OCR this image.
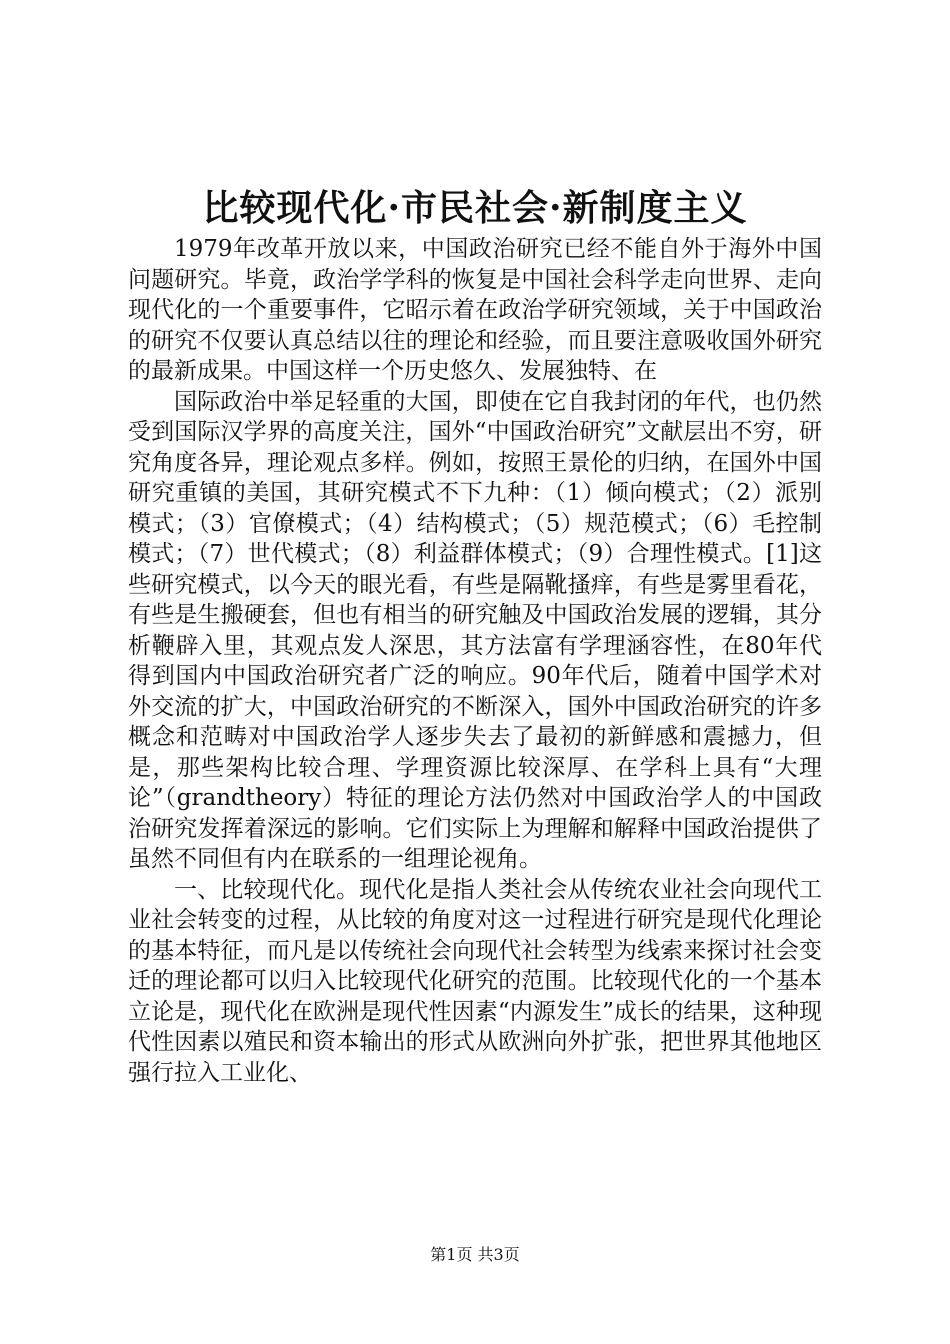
比较现代化·市民社会·新制度主义

1979年改革开放以来，中国政治研究已经不能自外于海外中国问题研究。毕竟，政治学学科的恢复是中国社会科学走向世界、走向现代化的一个重要事件，它昭示着在政治学研究领域，关于中国政治的研究不仅要认真总结以往的理论和经验，而且要注意吸收国外研究的最新成果。中国这样一个历史悠久、发展独特、在

国际政治中举足轻重的大国，即使在它自我封闭的年代，也仍然受到国际汉学界的高度关注，国外“中国政治研究”文献层出不穷，研究角度各异，理论观点多样。例如，按照王景伦的归纳，在国外中国研究重镇的美国，其研究模式不下九种：（1）倾向模式；（2）派别模式；（3）官僚模式；（4）结构模式；（5）规范模式；（6）毛控制模式；（7）世代模式；（8）利益群体模式；（9）合理性模式。[1]这些研究模式，以今天的眼光看，有些是隔靴搔痒，有些是雾里看花，有些是生搬硬套，但也有相当的研究触及中国政治发展的逻辑，其分析鞭辟入里，其观点发人深思，其方法富有学理涵容性，在80年代得到国内中国政治研究者广泛的响应。90年代后，随着中国学术对外交流的扩大，中国政治研究的不断深入，国外中国政治研究的许多概念和范畴对中国政治学人逐步失去了最初的新鲜感和震撼力，但是，那些架构比较合理、学理资源比较深厚、在学科上具有“大理论”（grandtheory）特征的理论方法仍然对中国政治学人的中国政治研究发挥着深远的影响。它们实际上为理解和解释中国政治提供了虽然不同但有内在联系的一组理论视角。

一、比较现代化。现代化是指人类社会从传统农业社会向现代工业社会转变的过程，从比较的角度对这一过程进行研究是现代化理论的基本特征，而凡是以传统社会向现代社会转型为线索来探讨社会变迁的理论都可以归入比较现代化研究的范围。比较现代化的一个基本立论是，现代化在欧洲是现代性因素“内源发生”成长的结果，这种现代性因素以殖民和资本输出的形式从欧洲向外扩张，把世界其他地区强行拉入工业化、

第1页 共3页
